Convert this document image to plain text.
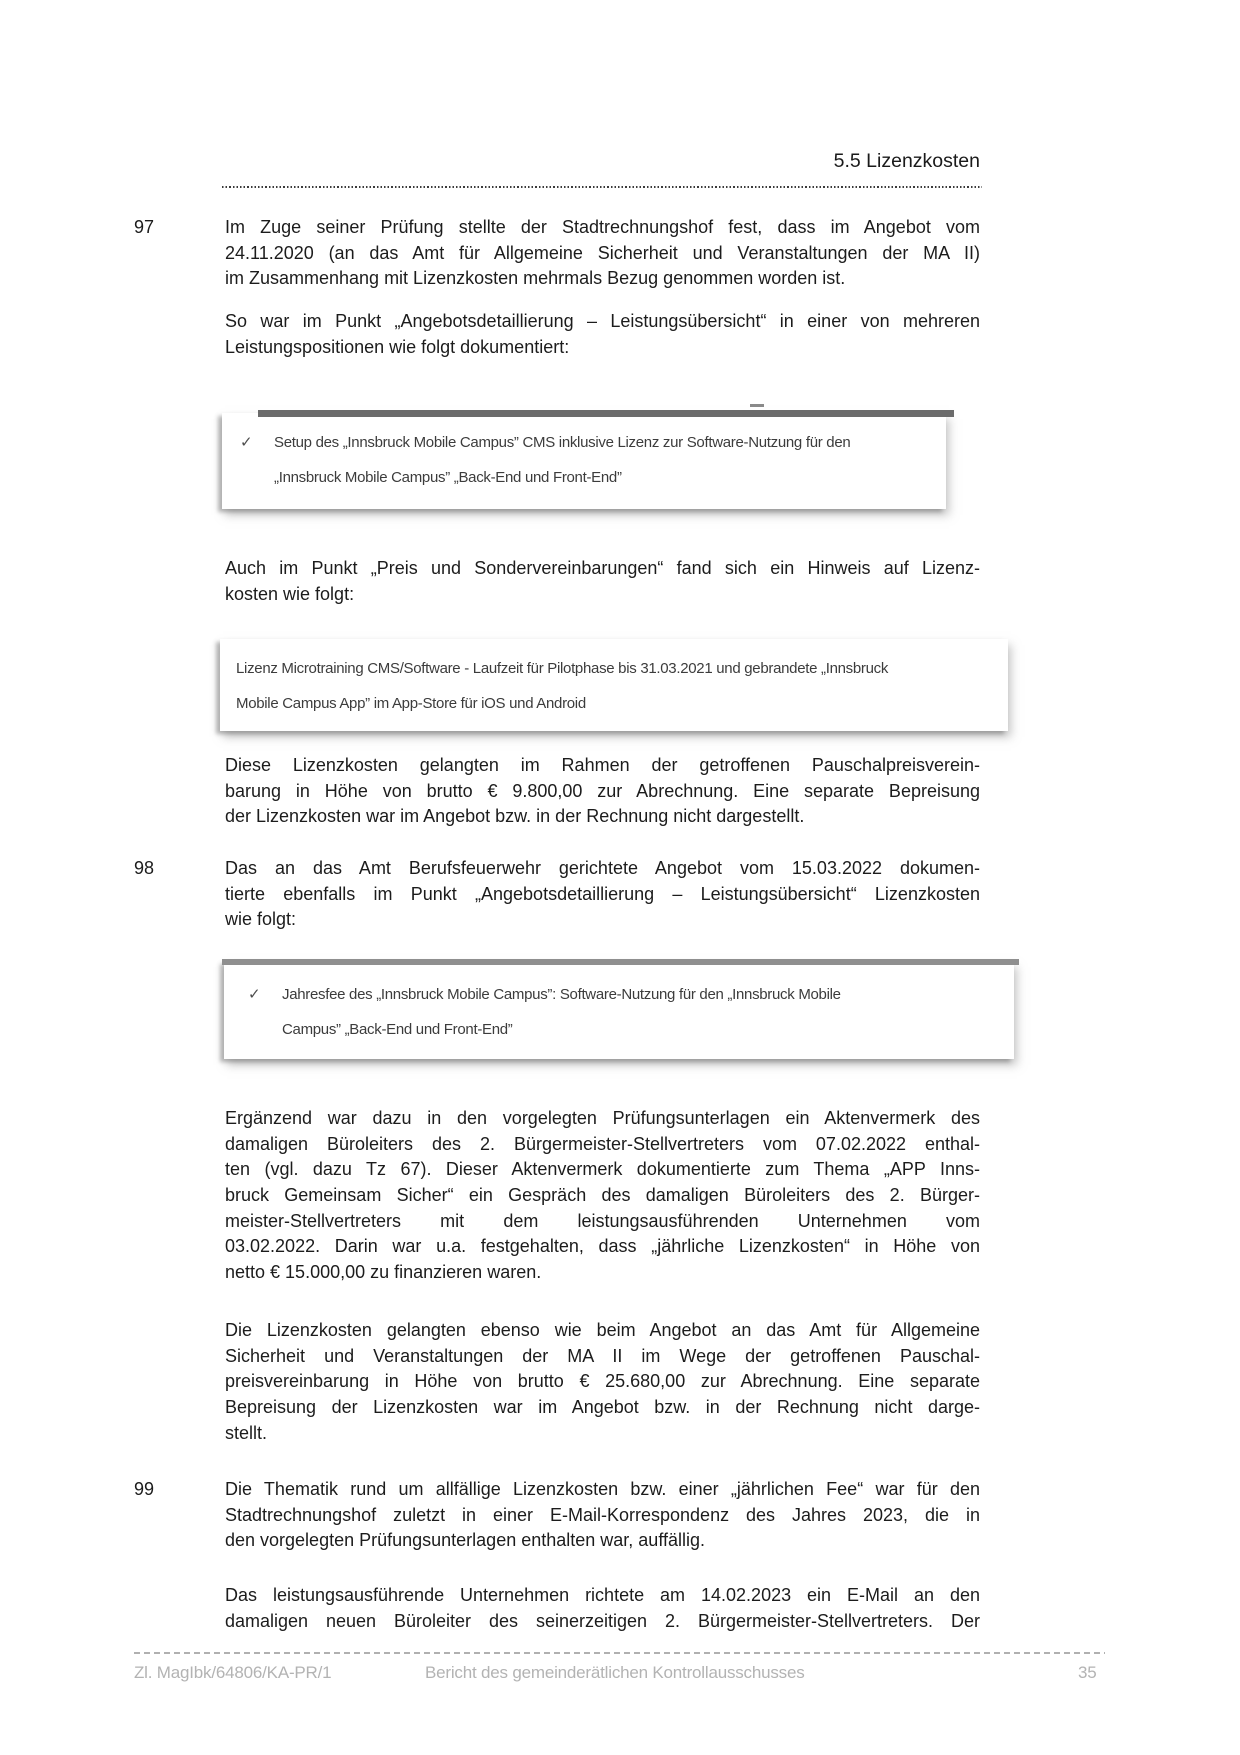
5.5 Lizenzkosten
97	Im Zuge seiner Prüfung stellte der Stadtrechnungshof fest, dass im Angebot vom
24.11.2020 (an das Amt für Allgemeine Sicherheit und Veranstaltungen der MA II)
im Zusammenhang mit Lizenzkosten mehrmals Bezug genommen worden ist.
So war im Punkt „Angebotsdetaillierung – Leistungsübersicht“ in einer von mehreren
Leistungspositionen wie folgt dokumentiert:
✓ Setup des „Innsbruck Mobile Campus” CMS inklusive Lizenz zur Software-Nutzung für den
„Innsbruck Mobile Campus” „Back-End und Front-End”
Auch im Punkt „Preis und Sondervereinbarungen“ fand sich ein Hinweis auf Lizenz-
kosten wie folgt:
Lizenz Microtraining CMS/Software - Laufzeit für Pilotphase bis 31.03.2021 und gebrandete „Innsbruck
Mobile Campus App” im App-Store für iOS und Android
Diese Lizenzkosten gelangten im Rahmen der getroffenen Pauschalpreisverein-
barung in Höhe von brutto € 9.800,00 zur Abrechnung. Eine separate Bepreisung
der Lizenzkosten war im Angebot bzw. in der Rechnung nicht dargestellt.
98	Das an das Amt Berufsfeuerwehr gerichtete Angebot vom 15.03.2022 dokumen-
tierte ebenfalls im Punkt „Angebotsdetaillierung – Leistungsübersicht“ Lizenzkosten
wie folgt:
✓ Jahresfee des „Innsbruck Mobile Campus”: Software-Nutzung für den „Innsbruck Mobile
Campus” „Back-End und Front-End”
Ergänzend war dazu in den vorgelegten Prüfungsunterlagen ein Aktenvermerk des
damaligen Büroleiters des 2. Bürgermeister-Stellvertreters vom 07.02.2022 enthal-
ten (vgl. dazu Tz 67). Dieser Aktenvermerk dokumentierte zum Thema „APP Inns-
bruck Gemeinsam Sicher“ ein Gespräch des damaligen Büroleiters des 2. Bürger-
meister-Stellvertreters mit dem leistungsausführenden Unternehmen vom
03.02.2022. Darin war u.a. festgehalten, dass „jährliche Lizenzkosten“ in Höhe von
netto € 15.000,00 zu finanzieren waren.
Die Lizenzkosten gelangten ebenso wie beim Angebot an das Amt für Allgemeine
Sicherheit und Veranstaltungen der MA II im Wege der getroffenen Pauschal-
preisvereinbarung in Höhe von brutto € 25.680,00 zur Abrechnung. Eine separate
Bepreisung der Lizenzkosten war im Angebot bzw. in der Rechnung nicht darge-
stellt.
99	Die Thematik rund um allfällige Lizenzkosten bzw. einer „jährlichen Fee“ war für den
Stadtrechnungshof zuletzt in einer E-Mail-Korrespondenz des Jahres 2023, die in
den vorgelegten Prüfungsunterlagen enthalten war, auffällig.
Das leistungsausführende Unternehmen richtete am 14.02.2023 ein E-Mail an den
damaligen neuen Büroleiter des seinerzeitigen 2. Bürgermeister-Stellvertreters. Der
Zl. MagIbk/64806/KA-PR/1	Bericht des gemeinderätlichen Kontrollausschusses	35
